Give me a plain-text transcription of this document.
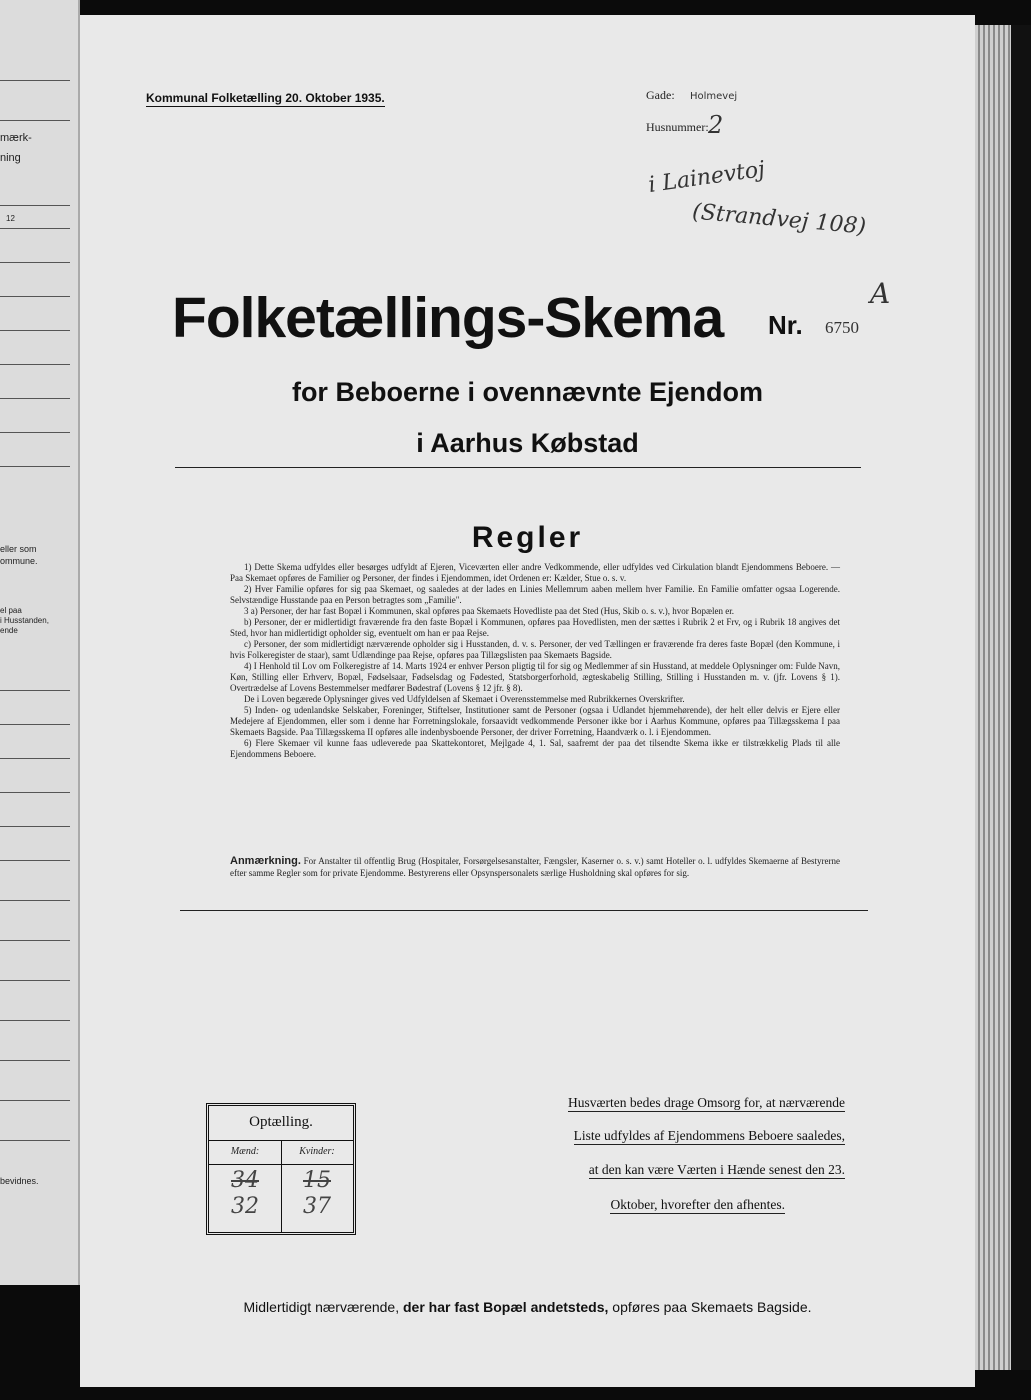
mærk-
ning
12
eller som
ommune.
el paa
i Husstanden,
ende
bevidnes.
Kommunal Folketælling 20. Oktober 1935.	Gade: Holmevej
Husnummer: 2
i Lainevtoj
(Strandvej 108)
Folketællings-Skema Nr. 6750
A
for Beboerne i ovennævnte Ejendom
i Aarhus Købstad
Regler

1) Dette Skema udfyldes eller besørges udfyldt af Ejeren, Viceværten eller andre Vedkommende, eller udfyldes ved Cirkulation blandt Ejendommens Beboere. — Paa Skemaet opføres de Familier og Personer, der findes i Ejendommen, idet Ordenen er: Kælder, Stue o. s. v.

2) Hver Familie opføres for sig paa Skemaet, og saaledes at der lades en Linies Mellemrum aaben mellem hver Familie. En Familie omfatter ogsaa Logerende. Selvstændige Husstande paa en Person betragtes som „Familie".

3 a) Personer, der har fast Bopæl i Kommunen, skal opføres paa Skemaets Hovedliste paa det Sted (Hus, Skib o. s. v.), hvor Bopælen er.

b) Personer, der er midlertidigt fraværende fra den faste Bopæl i Kommunen, opføres paa Hovedlisten, men der sættes i Rubrik 2 et Frv, og i Rubrik 18 angives det Sted, hvor han midlertidigt opholder sig, eventuelt om han er paa Rejse.

c) Personer, der som midlertidigt nærværende opholder sig i Husstanden, d. v. s. Personer, der ved Tællingen er fraværende fra deres faste Bopæl (den Kommune, i hvis Folkeregister de staar), samt Udlændinge paa Rejse, opføres paa Tillægslisten paa Skemaets Bagside.

4) I Henhold til Lov om Folkeregistre af 14. Marts 1924 er enhver Person pligtig til for sig og Medlemmer af sin Husstand, at meddele Oplysninger om: Fulde Navn, Køn, Stilling eller Erhverv, Bopæl, Fødselsaar, Fødselsdag og Fødested, Statsborgerforhold, ægteskabelig Stilling, Stilling i Husstanden m. v. (jfr. Lovens § 1). Overtrædelse af Lovens Bestemmelser medfører Bødestraf (Lovens § 12 jfr. § 8).

De i Loven begærede Oplysninger gives ved Udfyldelsen af Skemaet i Overensstemmelse med Rubrikkernes Overskrifter.

5) Inden- og udenlandske Selskaber, Foreninger, Stiftelser, Institutioner samt de Personer (ogsaa i Udlandet hjemmehørende), der helt eller delvis er Ejere eller Medejere af Ejendommen, eller som i denne har Forretningslokale, forsaavidt vedkommende Personer ikke bor i Aarhus Kommune, opføres paa Tillægsskema I paa Skemaets Bagside. Paa Tillægsskema II opføres alle indenbysboende Personer, der driver Forretning, Haandværk o. l. i Ejendommen.

6) Flere Skemaer vil kunne faas udleverede paa Skattekontoret, Mejlgade 4, 1. Sal, saafremt der paa det tilsendte Skema ikke er tilstrækkelig Plads til alle Ejendommens Beboere.

Anmærkning. For Anstalter til offentlig Brug (Hospitaler, Forsørgelsesanstalter, Fængsler, Kaserner o. s. v.) samt Hoteller o. l. udfyldes Skemaerne af Bestyrerne efter samme Regler som for private Ejendomme. Bestyrerens eller Opsynspersonalets særlige Husholdning skal opføres for sig.
Optælling.
Mænd:	Kvinder:
34	15
32	37
Husværten bedes drage Omsorg for, at nærværende
Liste udfyldes af Ejendommens Beboere saaledes,
at den kan være Værten i Hænde senest den 23.
Oktober, hvorefter den afhentes.
Midlertidigt nærværende, der har fast Bopæl andetsteds, opføres paa Skemaets Bagside.
